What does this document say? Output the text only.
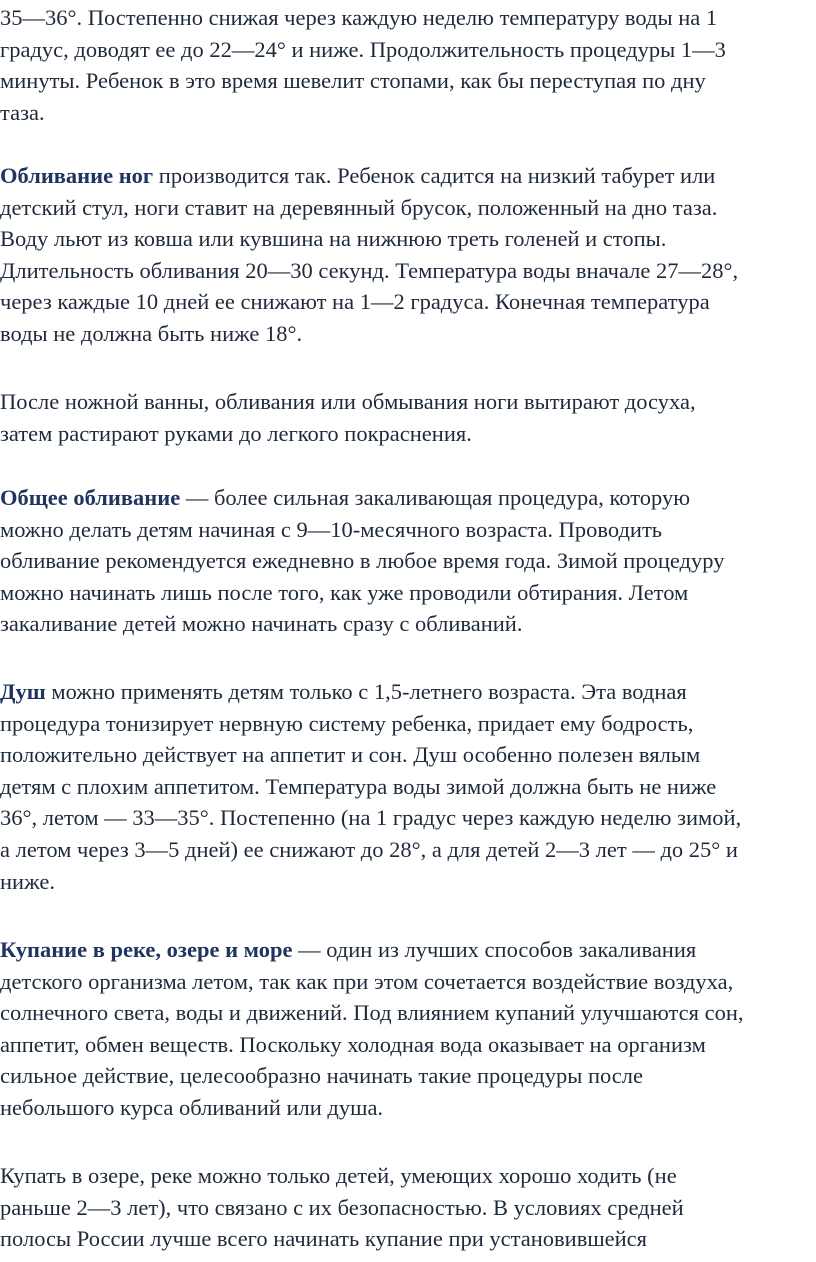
35—36°. Постепенно снижая через каждую неделю температуру воды на 1
градус, доводят ее до 22—24° и ниже. Продолжительность процедуры 1—3
минуты. Ребенок в это время шевелит стопами, как бы переступая по дну
таза.

Обливание ног производится так. Ребенок садится на низкий табурет или
детский стул, ноги ставит на деревянный брусок, положенный на дно таза.
Воду льют из ковша или кувшина на нижнюю треть голеней и стопы.
Длительность обливания 20—30 секунд. Температура воды вначале 27—28°,
через каждые 10 дней ее снижают на 1—2 градуса. Конечная температура
воды не должна быть ниже 18°.

После ножной ванны, обливания или обмывания ноги вытирают досуха,
затем растирают руками до легкого покраснения.

Общее обливание — более сильная закаливающая процедура, которую
можно делать детям начиная с 9—10-месячного возраста. Проводить
обливание рекомендуется ежедневно в любое время года. Зимой процедуру
можно начинать лишь после того, как уже проводили обтирания. Летом
закаливание детей можно начинать сразу с обливаний.

Душ можно применять детям только с 1,5-летнего возраста. Эта водная
процедура тонизирует нервную систему ребенка, придает ему бодрость,
положительно действует на аппетит и сон. Душ особенно полезен вялым
детям с плохим аппетитом. Температура воды зимой должна быть не ниже
36°, летом — 33—35°. Постепенно (на 1 градус через каждую неделю зимой,
а летом через 3—5 дней) ее снижают до 28°, а для детей 2—3 лет — до 25° и
ниже.

Купание в реке, озере и море — один из лучших способов закаливания
детского организма летом, так как при этом сочетается воздействие воздуха,
солнечного света, воды и движений. Под влиянием купаний улучшаются сон,
аппетит, обмен веществ. Поскольку холодная вода оказывает на организм
сильное действие, целесообразно начинать такие процедуры после
небольшого курса обливаний или душа.

Купать в озере, реке можно только детей, умеющих хорошо ходить (не
раньше 2—3 лет), что связано с их безопасностью. В условиях средней
полосы России лучше всего начинать купание при установившейся
